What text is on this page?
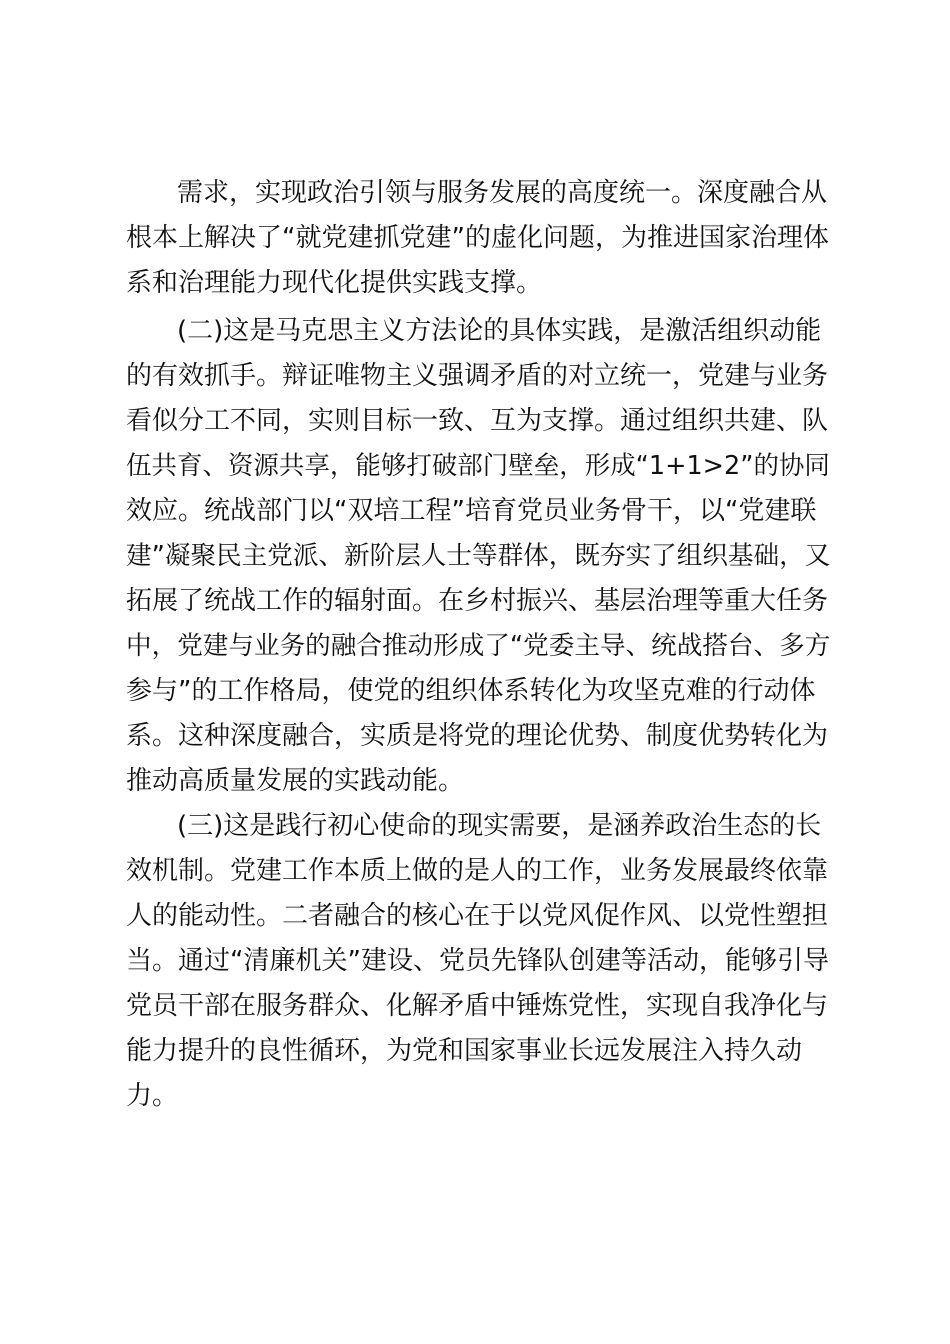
需求，实现政治引领与服务发展的高度统一。深度融合从
根本上解决了“就党建抓党建”的虚化问题，为推进国家治理体
系和治理能力现代化提供实践支撑。
(二)这是马克思主义方法论的具体实践，是激活组织动能
的有效抓手。辩证唯物主义强调矛盾的对立统一，党建与业务
看似分工不同，实则目标一致、互为支撑。通过组织共建、队
伍共育、资源共享，能够打破部门壁垒，形成“1+1>2”的协同
效应。统战部门以“双培工程”培育党员业务骨干，以“党建联
建”凝聚民主党派、新阶层人士等群体，既夯实了组织基础，又
拓展了统战工作的辐射面。在乡村振兴、基层治理等重大任务
中，党建与业务的融合推动形成了“党委主导、统战搭台、多方
参与”的工作格局，使党的组织体系转化为攻坚克难的行动体
系。这种深度融合，实质是将党的理论优势、制度优势转化为
推动高质量发展的实践动能。
(三)这是践行初心使命的现实需要，是涵养政治生态的长
效机制。党建工作本质上做的是人的工作，业务发展最终依靠
人的能动性。二者融合的核心在于以党风促作风、以党性塑担
当。通过“清廉机关”建设、党员先锋队创建等活动，能够引导
党员干部在服务群众、化解矛盾中锤炼党性，实现自我净化与
能力提升的良性循环，为党和国家事业长远发展注入持久动
力。
